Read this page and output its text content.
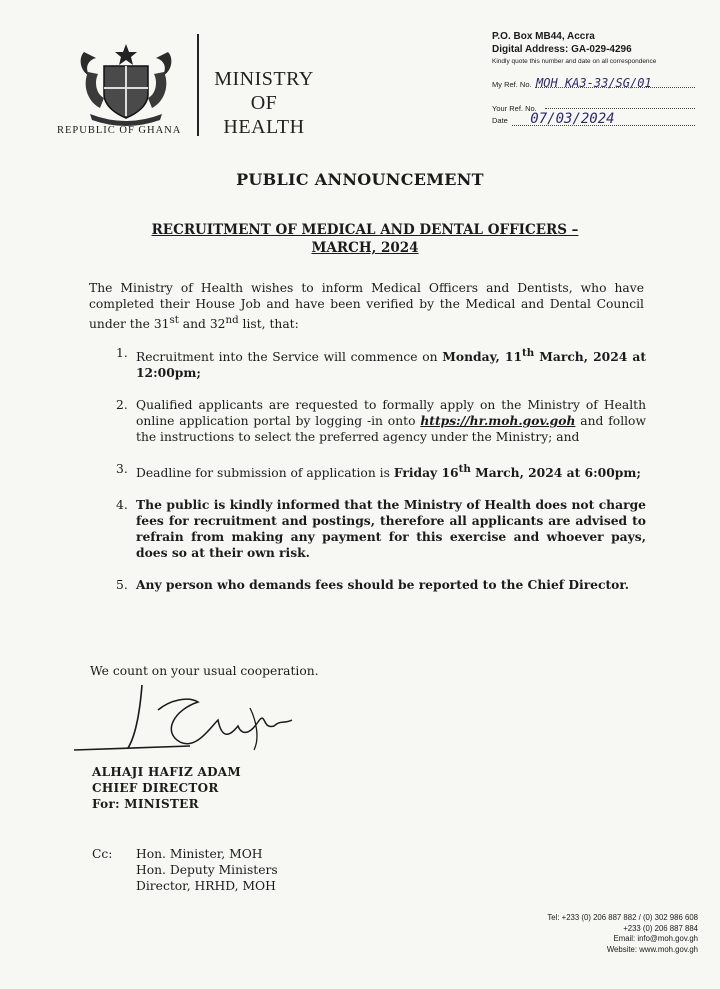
REPUBLIC OF GHANA
MINISTRY
OF
HEALTH
P.O. Box MB44, Accra
Digital Address: GA-029-4296
Kindly quote this number and date on all correspondence
My Ref. No. MOH KA3-33/SG/01
Your Ref. No.
Date 07/03/2024
PUBLIC ANNOUNCEMENT
RECRUITMENT OF MEDICAL AND DENTAL OFFICERS –
MARCH, 2024
The Ministry of Health wishes to inform Medical Officers and Dentists, who have completed their House Job and have been verified by the Medical and Dental Council under the 31st and 32nd list, that:
1. Recruitment into the Service will commence on Monday, 11th March, 2024 at 12:00pm;
2. Qualified applicants are requested to formally apply on the Ministry of Health online application portal by logging -in onto https://hr.moh.gov.goh and follow the instructions to select the preferred agency under the Ministry; and
3. Deadline for submission of application is Friday 16th March, 2024 at 6:00pm;
4. The public is kindly informed that the Ministry of Health does not charge fees for recruitment and postings, therefore all applicants are advised to refrain from making any payment for this exercise and whoever pays, does so at their own risk.
5. Any person who demands fees should be reported to the Chief Director.
We count on your usual cooperation.
ALHAJI HAFIZ ADAM
CHIEF DIRECTOR
For: MINISTER
Cc: Hon. Minister, MOH
Hon. Deputy Ministers
Director, HRHD, MOH
Tel: +233 (0) 206 887 882 / (0) 302 986 608
+233 (0) 206 887 884
Email: info@moh.gov.gh
Website: www.moh.gov.gh
